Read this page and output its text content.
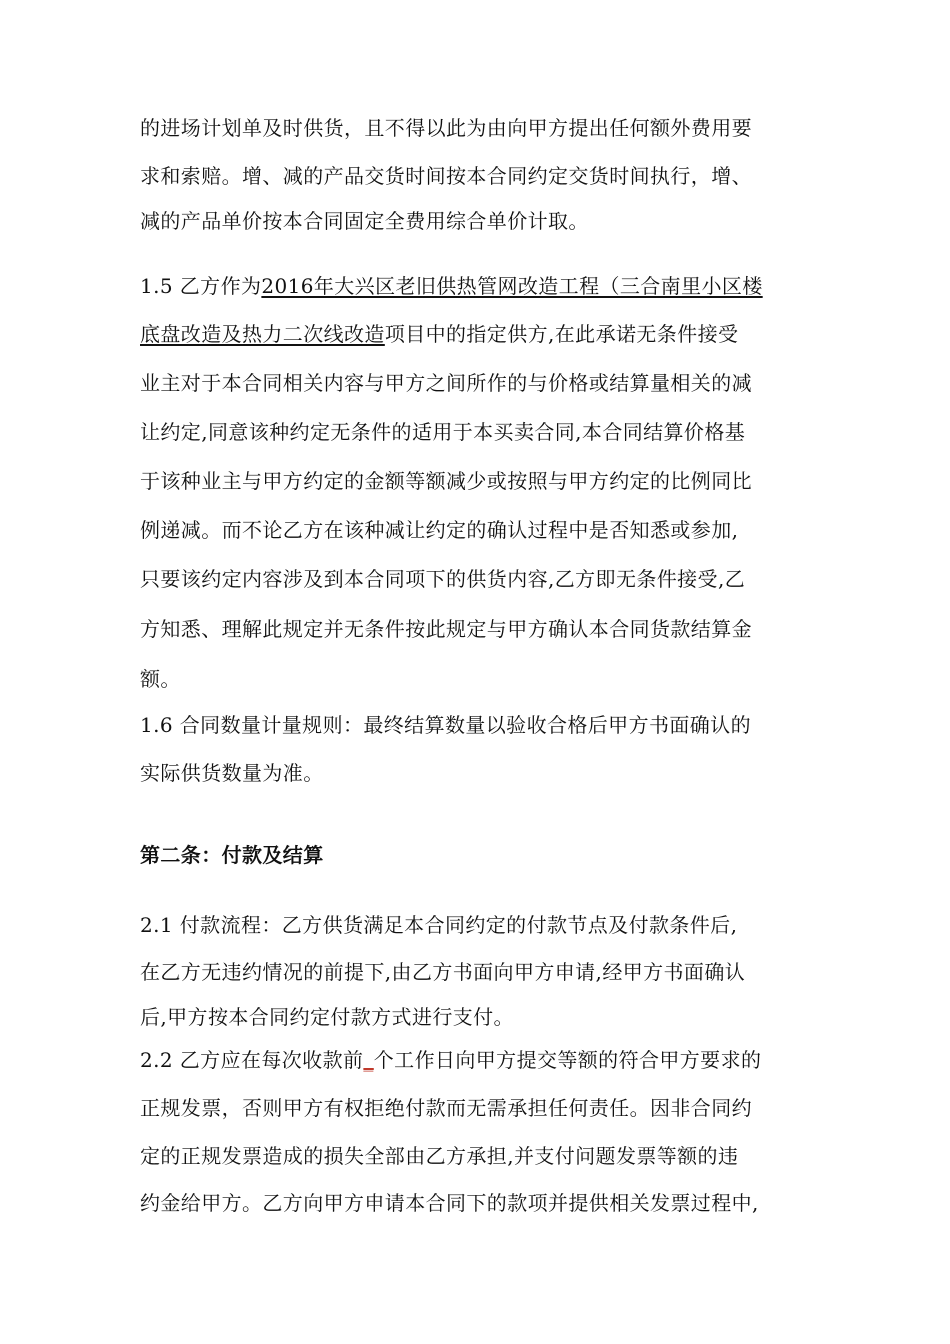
的进场计划单及时供货，且不得以此为由向甲方提出任何额外费用要
求和索赔。增、减的产品交货时间按本合同约定交货时间执行，增、
减的产品单价按本合同固定全费用综合单价计取。
1.5 乙方作为2016年大兴区老旧供热管网改造工程（三合南里小区楼
底盘改造及热力二次线改造项目中的指定供方,在此承诺无条件接受
业主对于本合同相关内容与甲方之间所作的与价格或结算量相关的减
让约定,同意该种约定无条件的适用于本买卖合同,本合同结算价格基
于该种业主与甲方约定的金额等额减少或按照与甲方约定的比例同比
例递减。而不论乙方在该种减让约定的确认过程中是否知悉或参加,
只要该约定内容涉及到本合同项下的供货内容,乙方即无条件接受,乙
方知悉、理解此规定并无条件按此规定与甲方确认本合同货款结算金
额。
1.6 合同数量计量规则：最终结算数量以验收合格后甲方书面确认的
实际供货数量为准。
第二条：付款及结算
2.1 付款流程：乙方供货满足本合同约定的付款节点及付款条件后,
在乙方无违约情况的前提下,由乙方书面向甲方申请,经甲方书面确认
后,甲方按本合同约定付款方式进行支付。
2.2 乙方应在每次收款前_个工作日向甲方提交等额的符合甲方要求的
正规发票，否则甲方有权拒绝付款而无需承担任何责任。因非合同约
定的正规发票造成的损失全部由乙方承担,并支付问题发票等额的违
约金给甲方。乙方向甲方申请本合同下的款项并提供相关发票过程中,
